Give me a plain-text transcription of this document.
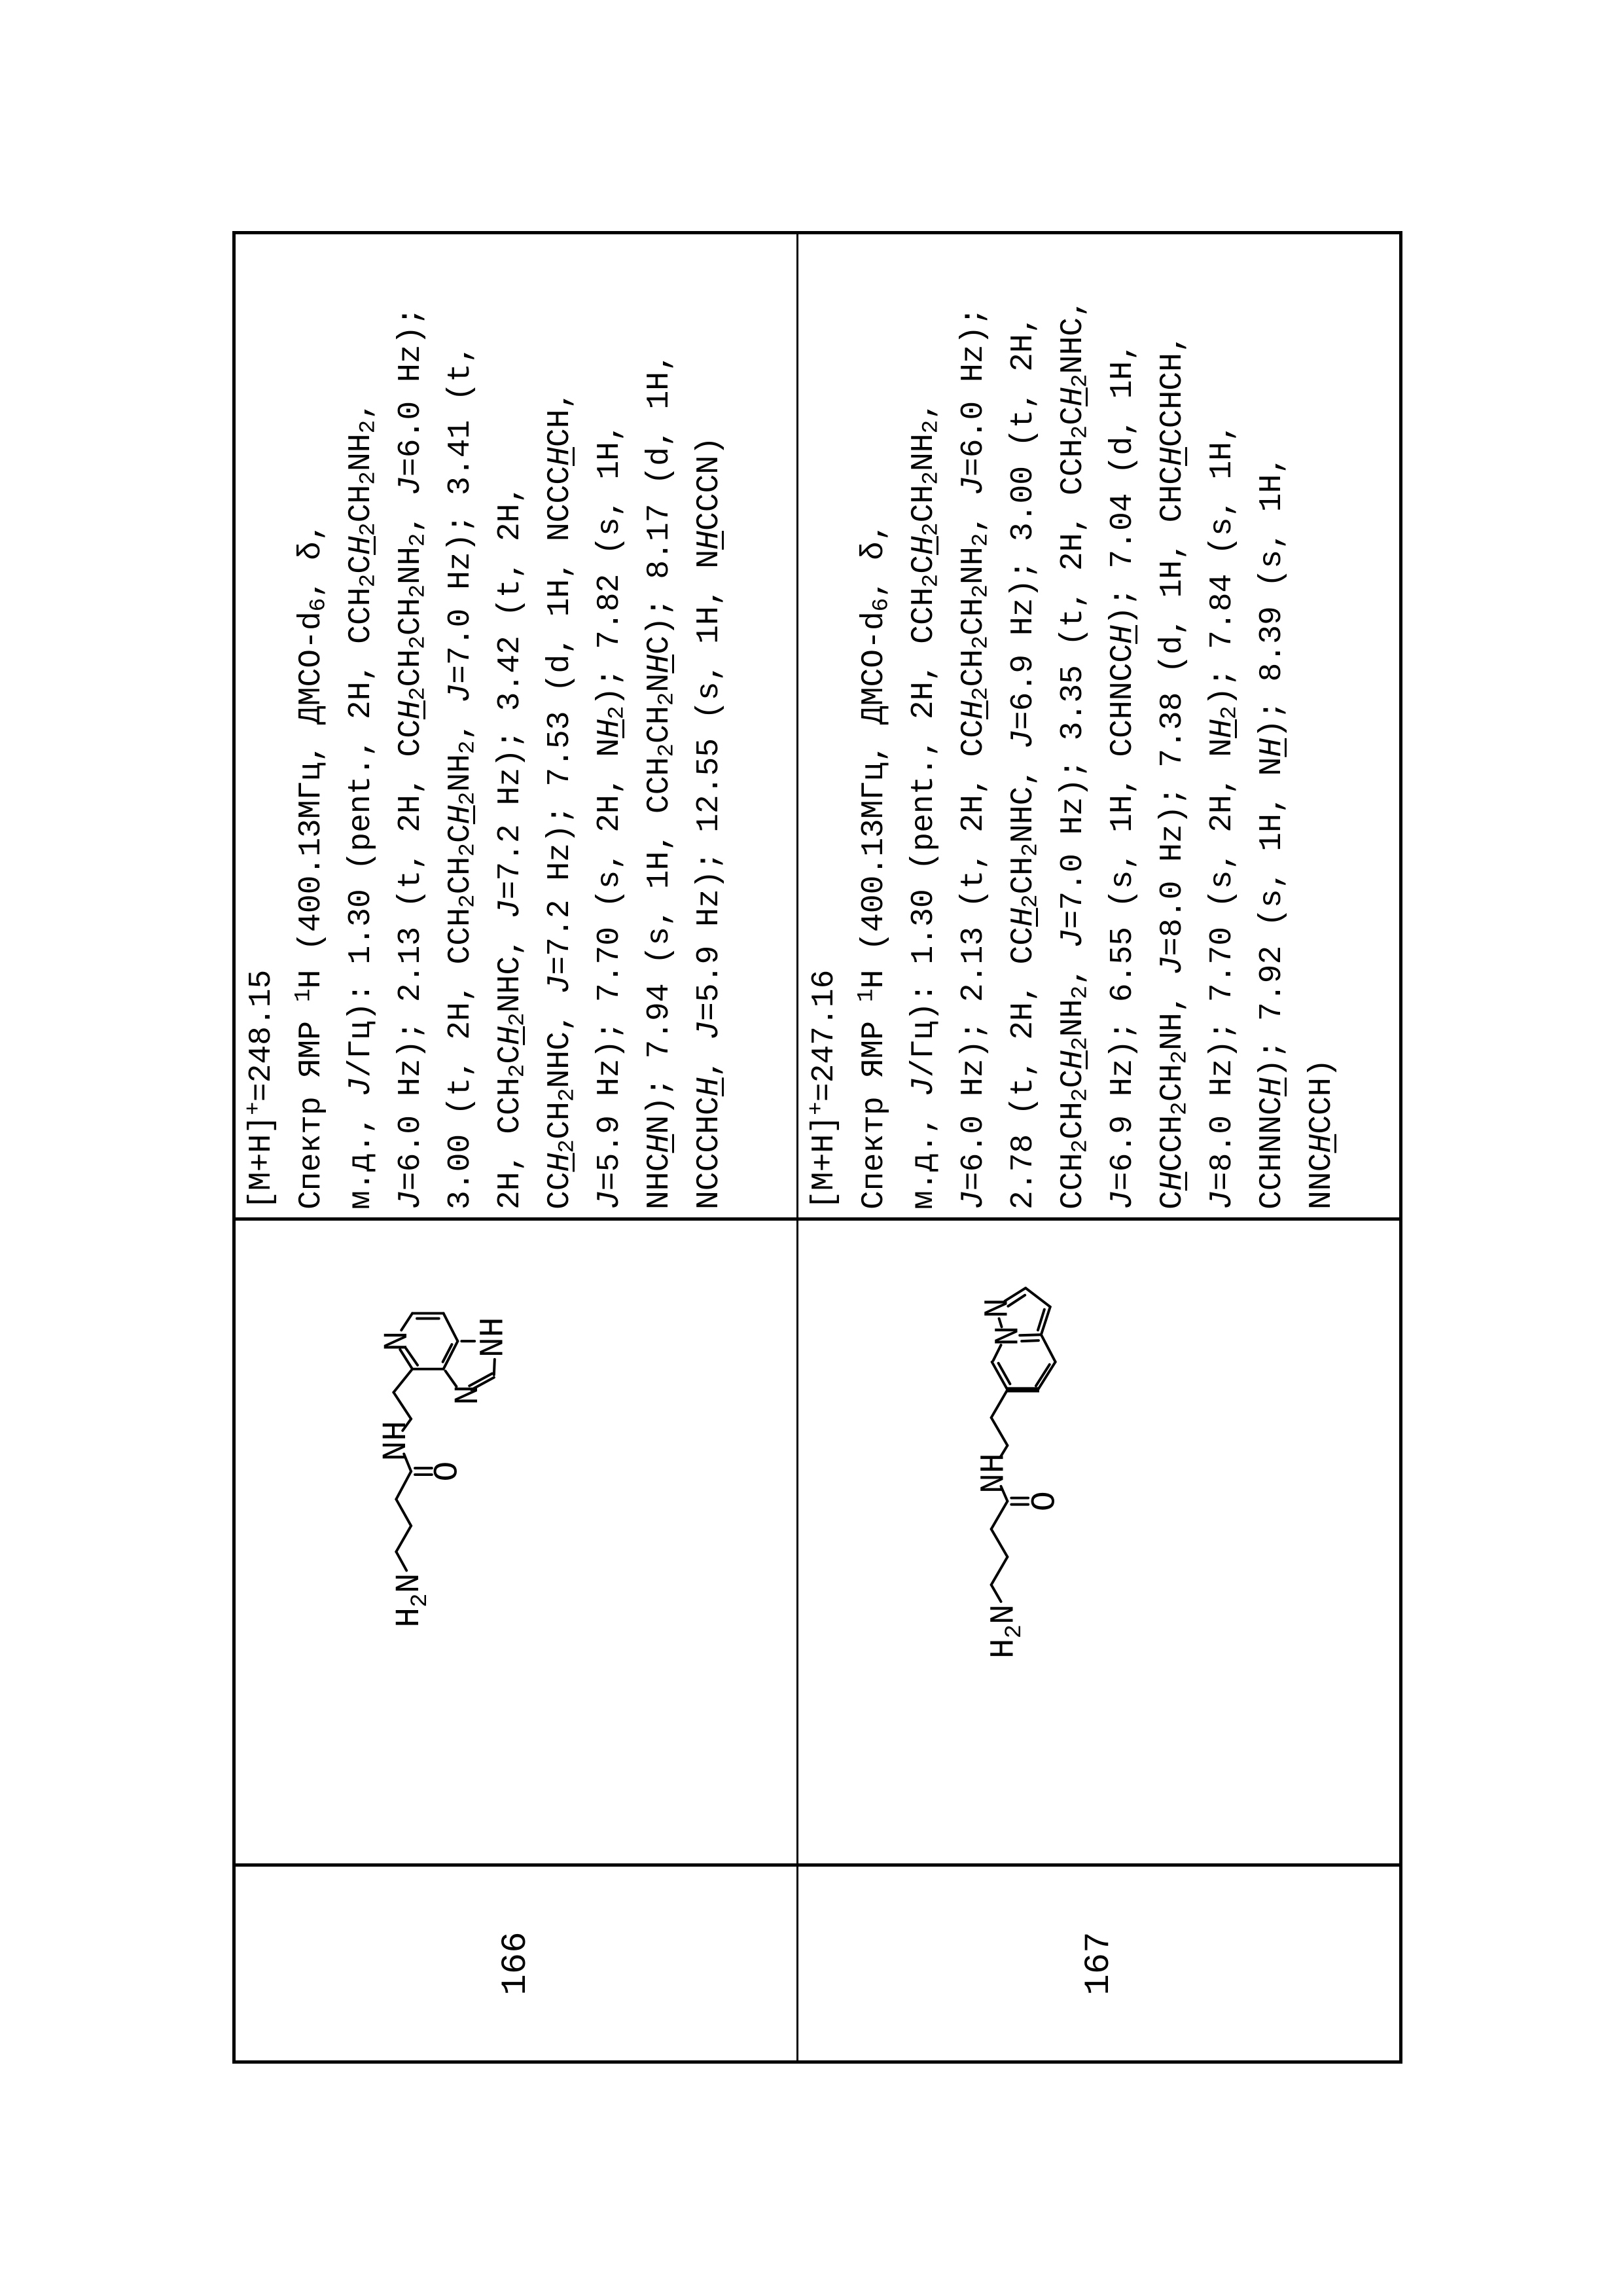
166
N NH
N
NH
O
$H_2N$
[M+H]+=248.15 Спектр ЯМР $^1$H (400.13МГц, ДМСО-$d_6$, δ,
м.д., J/Гц): 1.30 (pent., 2H, $CCH_2CH_2CH_2NH_2$,
J=6.0 Hz); 2.13 (t, 2H, $CCH_2CH_2CH_2NH_2$, J=6.0 Hz);
3.00 (t, 2H, $CCH_2CH_2CH_2NH_2$, J=7.0 Hz); 3.41 (t,
2H, $CCH_2CH_2NHC$, J=7.2 Hz); 3.42 (t, 2H,
$CCH_2CH_2NHC$, J=7.2 Hz); 7.53 (d, 1H, NCCCHCH,
J=5.9 Hz); 7.70 (s, 2H, $NH_2$); 7.82 (s, 1H,
NHCHN); 7.94 (s, 1H, $CCH_2CH_2NHC$); 8.17 (d, 1H,
NCCCHCH, J=5.9 Hz); 12.55 (s, 1H, NHCCCN)
167
N
N
NH
O
$H_2N$
[M+H]+=247.16 Спектр ЯМР $^1$H (400.13МГц, ДМСО-$d_6$, δ,
м.д., J/Гц): 1.30 (pent., 2H, $CCH_2CH_2CH_2NH_2$,
J=6.0 Hz); 2.13 (t, 2H, $CCH_2CH_2CH_2NH_2$, J=6.0 Hz);
2.78 (t, 2H, $CCH_2CH_2NHC$, J=6.9 Hz); 3.00 (t, 2H,
$CCH_2CH_2CH_2NH_2$, J=7.0 Hz); 3.35 (t, 2H, $CCH_2CH_2NHC$,
J=6.9 Hz); 6.55 (s, 1H, CCHNCCH); 7.04 (d, 1H,
$CHCCH_2CH_2NH$, J=8.0 Hz); 7.38 (d, 1H, CHCHCCHCH,
J=8.0 Hz); 7.70 (s, 2H, $NH_2$); 7.84 (s, 1H,
CCHNNCH); 7.92 (s, 1H, NH); 8.39 (s, 1H,
NNCHCCH)
